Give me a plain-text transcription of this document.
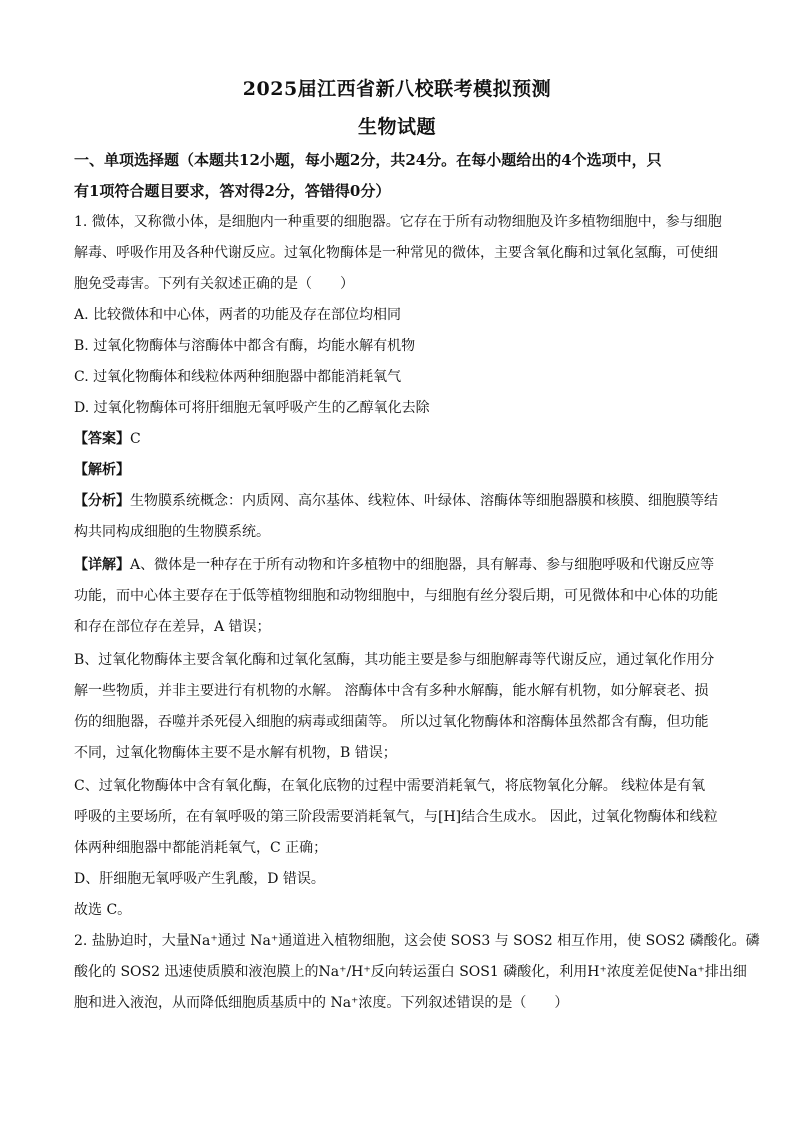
2025届江西省新八校联考模拟预测
生物试题
一、单项选择题（本题共12小题，每小题2分，共24分。在每小题给出的4个选项中，只
有1项符合题目要求，答对得2分，答错得0分）
1. 微体，又称微小体，是细胞内一种重要的细胞器。它存在于所有动物细胞及许多植物细胞中，参与细胞
解毒、呼吸作用及各种代谢反应。过氧化物酶体是一种常见的微体，主要含氧化酶和过氧化氢酶，可使细
胞免受毒害。下列有关叙述正确的是（　　）
A. 比较微体和中心体，两者的功能及存在部位均相同
B. 过氧化物酶体与溶酶体中都含有酶，均能水解有机物
C. 过氧化物酶体和线粒体两种细胞器中都能消耗氧气
D. 过氧化物酶体可将肝细胞无氧呼吸产生的乙醇氧化去除
【答案】C
【解析】
【分析】生物膜系统概念：内质网、高尔基体、线粒体、叶绿体、溶酶体等细胞器膜和核膜、细胞膜等结
构共同构成细胞的生物膜系统。
【详解】A、微体是一种存在于所有动物和许多植物中的细胞器，具有解毒、参与细胞呼吸和代谢反应等
功能，而中心体主要存在于低等植物细胞和动物细胞中，与细胞有丝分裂后期，可见微体和中心体的功能
和存在部位存在差异，A 错误；
B、过氧化物酶体主要含氧化酶和过氧化氢酶，其功能主要是参与细胞解毒等代谢反应，通过氧化作用分
解一些物质，并非主要进行有机物的水解。 溶酶体中含有多种水解酶，能水解有机物，如分解衰老、损
伤的细胞器，吞噬并杀死侵入细胞的病毒或细菌等。 所以过氧化物酶体和溶酶体虽然都含有酶，但功能
不同，过氧化物酶体主要不是水解有机物，B 错误；
C、过氧化物酶体中含有氧化酶，在氧化底物的过程中需要消耗氧气，将底物氧化分解。 线粒体是有氧
呼吸的主要场所，在有氧呼吸的第三阶段需要消耗氧气，与[H]结合生成水。 因此，过氧化物酶体和线粒
体两种细胞器中都能消耗氧气，C 正确；
D、肝细胞无氧呼吸产生乳酸，D 错误。
故选 C。
2. 盐胁迫时，大量Na⁺通过 Na⁺通道进入植物细胞，这会使 SOS3 与 SOS2 相互作用，使 SOS2 磷酸化。磷
酸化的 SOS2 迅速使质膜和液泡膜上的Na⁺/H⁺反向转运蛋白 SOS1 磷酸化，利用H⁺浓度差促使Na⁺排出细
胞和进入液泡，从而降低细胞质基质中的 Na⁺浓度。下列叙述错误的是（　　）
